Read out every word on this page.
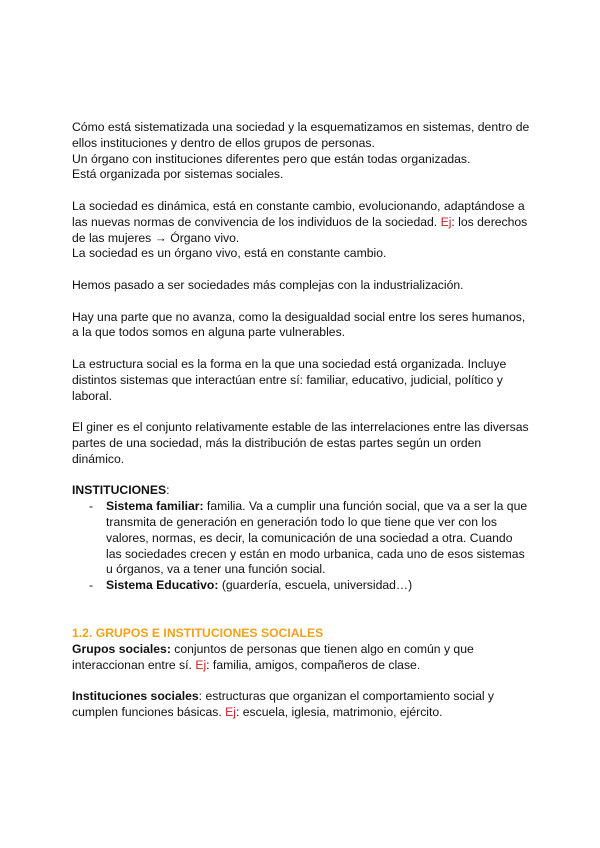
Cómo está sistematizada una sociedad y la esquematizamos en sistemas, dentro de
ellos instituciones y dentro de ellos grupos de personas.
Un órgano con instituciones diferentes pero que están todas organizadas.
Está organizada por sistemas sociales.
La sociedad es dinámica, está en constante cambio, evolucionando, adaptándose a
las nuevas normas de convivencia de los individuos de la sociedad. Ej: los derechos
de las mujeres → Órgano vivo.
La sociedad es un órgano vivo, está en constante cambio.
Hemos pasado a ser sociedades más complejas con la industrialización.
Hay una parte que no avanza, como la desigualdad social entre los seres humanos,
a la que todos somos en alguna parte vulnerables.
La estructura social es la forma en la que una sociedad está organizada. Incluye
distintos sistemas que interactúan entre sí: familiar, educativo, judicial, político y
laboral.
El giner es el conjunto relativamente estable de las interrelaciones entre las diversas
partes de una sociedad, más la distribución de estas partes según un orden
dinámico.
INSTITUCIONES:
- Sistema familiar: familia. Va a cumplir una función social, que va a ser la que
transmita de generación en generación todo lo que tiene que ver con los
valores, normas, es decir, la comunicación de una sociedad a otra. Cuando
las sociedades crecen y están en modo urbanica, cada uno de esos sistemas
u órganos, va a tener una función social.
- Sistema Educativo: (guardería, escuela, universidad…)
1.2. GRUPOS E INSTITUCIONES SOCIALES
Grupos sociales: conjuntos de personas que tienen algo en común y que
interaccionan entre sí. Ej: familia, amigos, compañeros de clase.
Instituciones sociales: estructuras que organizan el comportamiento social y
cumplen funciones básicas. Ej: escuela, iglesia, matrimonio, ejército.
